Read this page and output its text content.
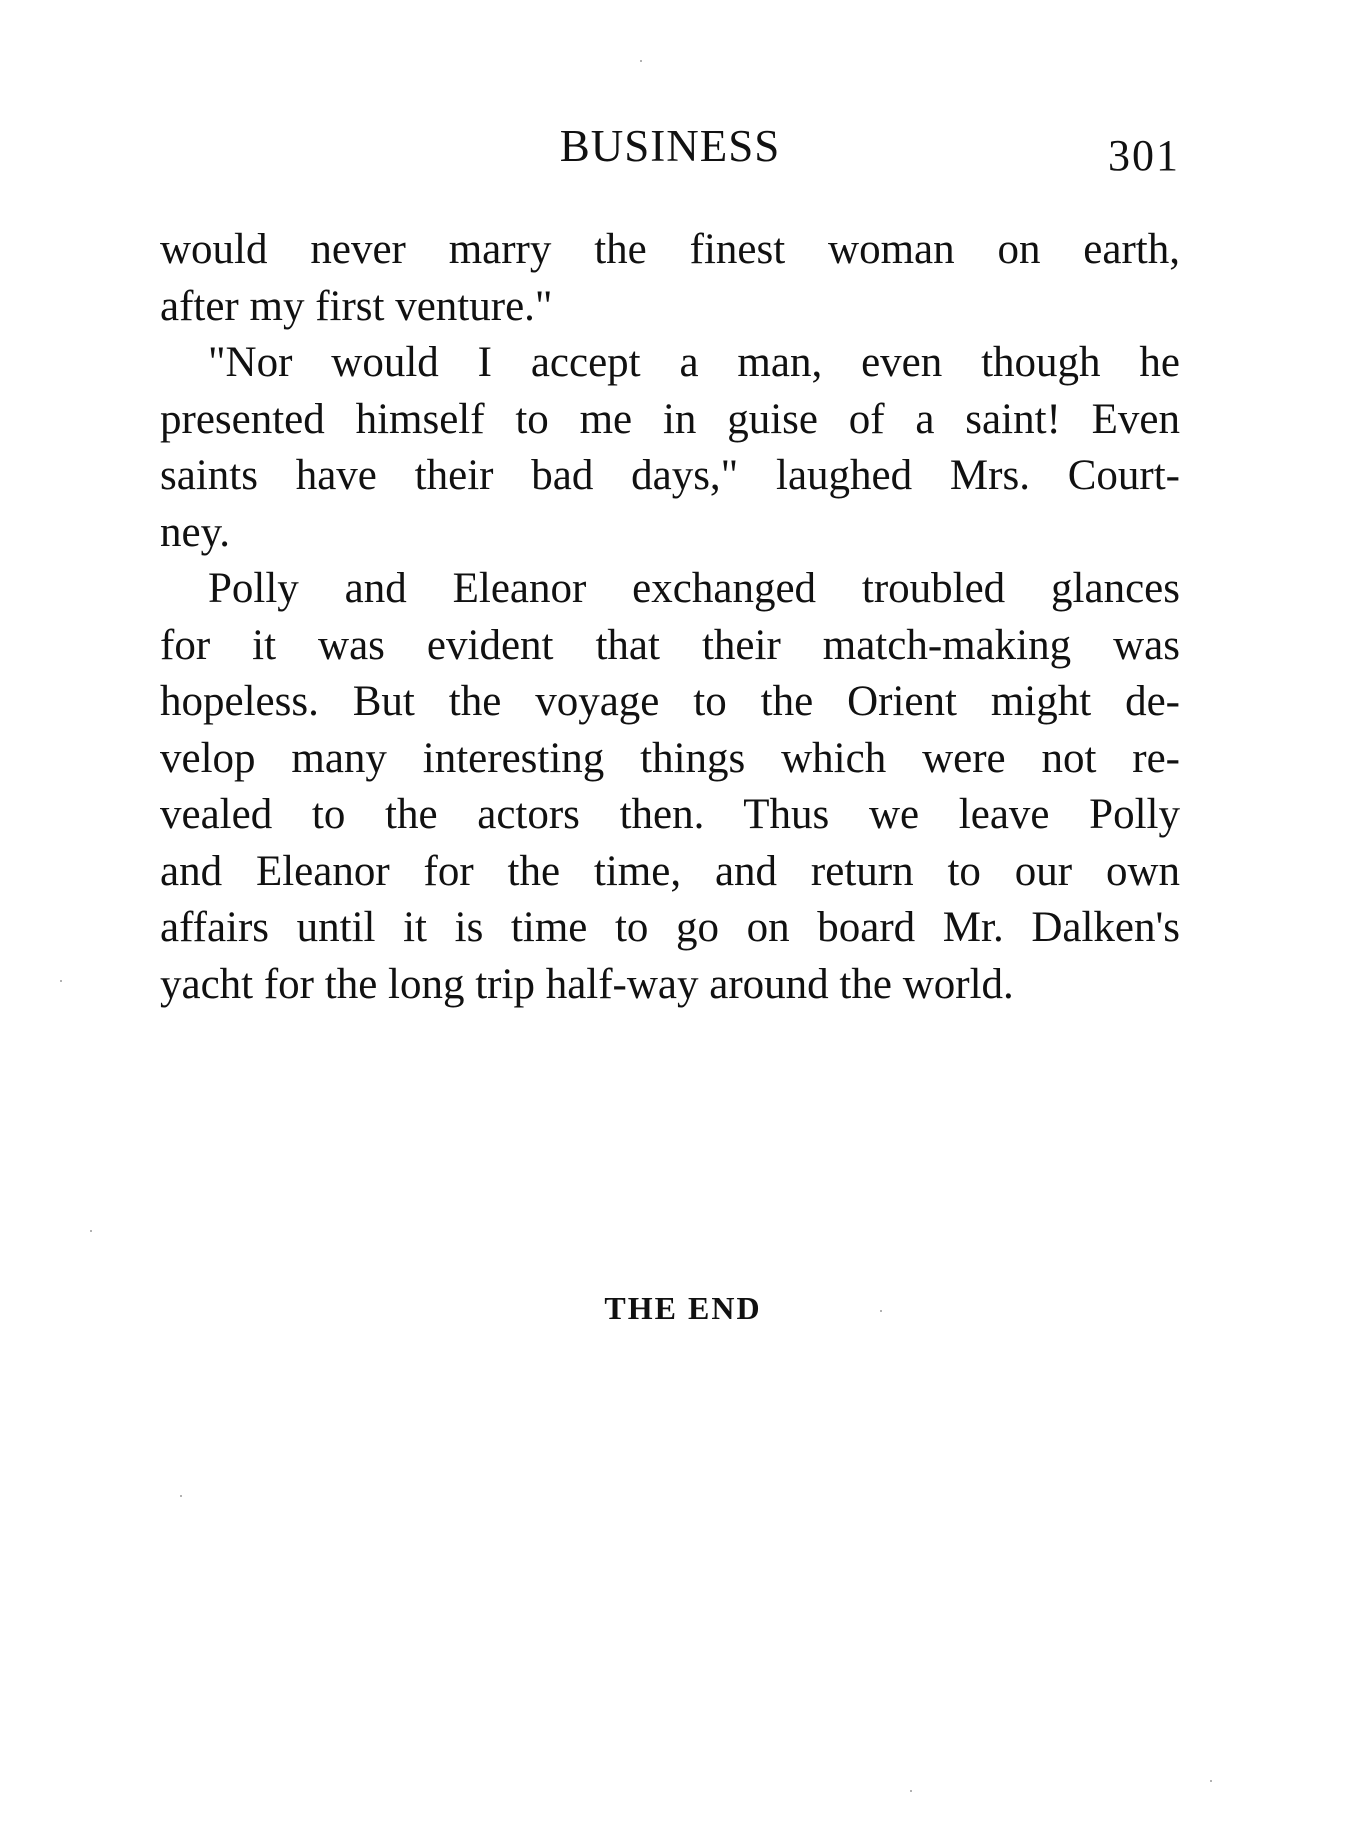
BUSINESS	301
would never marry the finest woman on earth,
after my first venture."
"Nor would I accept a man, even though he
presented himself to me in guise of a saint! Even
saints have their bad days," laughed Mrs. Court-
ney.
Polly and Eleanor exchanged troubled glances
for it was evident that their match-making was
hopeless. But the voyage to the Orient might de-
velop many interesting things which were not re-
vealed to the actors then. Thus we leave Polly
and Eleanor for the time, and return to our own
affairs until it is time to go on board Mr. Dalken's
yacht for the long trip half-way around the world.
THE END
